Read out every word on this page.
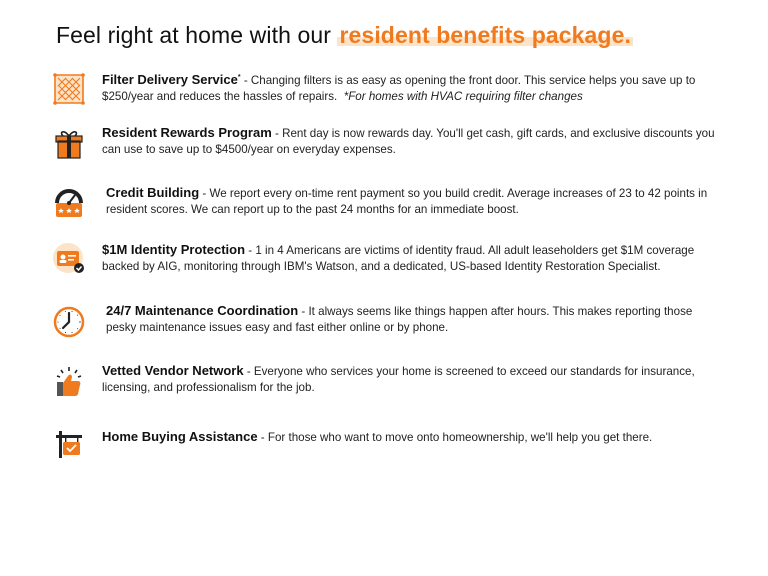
Feel right at home with our resident benefits package.
Filter Delivery Service* - Changing filters is as easy as opening the front door. This service helps you save up to $250/year and reduces the hassles of repairs. *For homes with HVAC requiring filter changes
Resident Rewards Program - Rent day is now rewards day. You'll get cash, gift cards, and exclusive discounts you can use to save up to $4500/year on everyday expenses.
Credit Building - We report every on-time rent payment so you build credit. Average increases of 23 to 42 points in resident scores. We can report up to the past 24 months for an immediate boost.
$1M Identity Protection - 1 in 4 Americans are victims of identity fraud. All adult leaseholders get $1M coverage backed by AIG, monitoring through IBM's Watson, and a dedicated, US-based Identity Restoration Specialist.
24/7 Maintenance Coordination - It always seems like things happen after hours. This makes reporting those pesky maintenance issues easy and fast either online or by phone.
Vetted Vendor Network - Everyone who services your home is screened to exceed our standards for insurance, licensing, and professionalism for the job.
Home Buying Assistance - For those who want to move onto homeownership, we'll help you get there.
